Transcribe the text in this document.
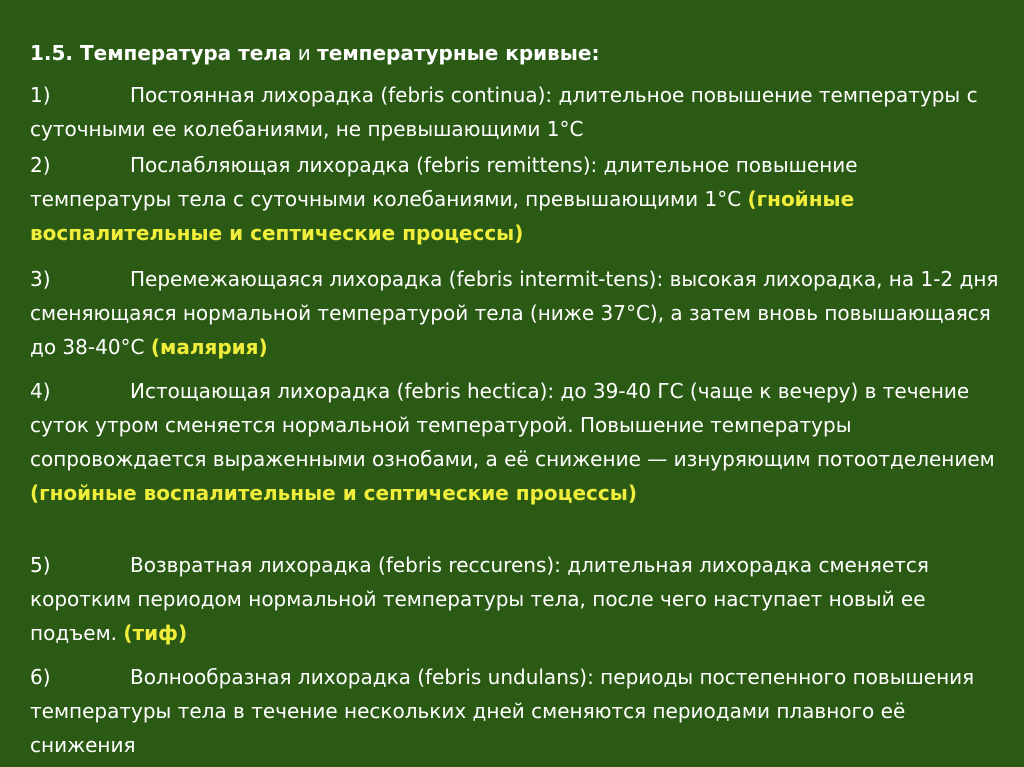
1.5. Температура тела и температурные кривые:

1)	Постоянная лихорадка (febris continua): длительное повышение температуры с суточными ее колебаниями, не превышающими 1°С

2)	Послабляющая лихорадка (febris remittens): длительное повышение температуры тела с суточными колебаниями, превышающими 1°С (гнойные воспалительные и септические процессы)

3)	Перемежающаяся лихорадка (febris intermit-tens): высокая лихорадка, на 1-2 дня сменяющаяся нормальной температурой тела (ниже 37°С), а затем вновь повышающаяся до 38-40°С (малярия)

4)	Истощающая лихорадка (febris hectica): до 39-40 ГС (чаще к вечеру) в течение суток утром сменяется нормальной температурой. Повышение температуры сопровождается выраженными ознобами, а её снижение — изнуряющим потоотделением (гнойные воспалительные и септические процессы)

5)	Возвратная лихорадка (febris reccurens): длительная лихорадка сменяется коротким периодом нормальной температуры тела, после чего наступает новый ее подъем. (тиф)

6)	Волнообразная лихорадка (febris undulans): периоды постепенного повышения температуры тела в течение нескольких дней сменяются периодами плавного её снижения
